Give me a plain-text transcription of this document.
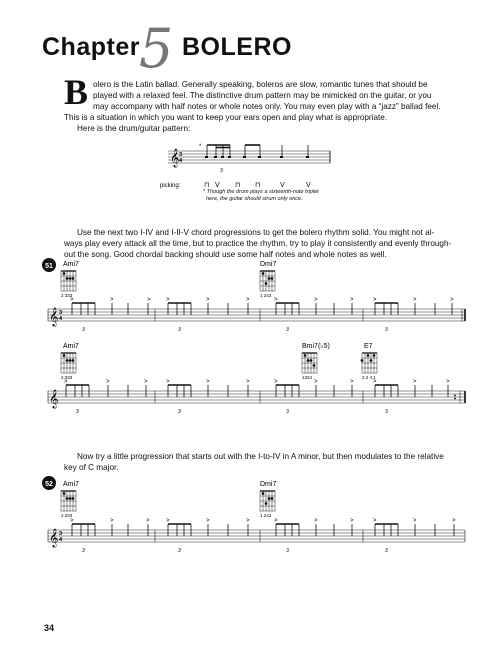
Chapter 5 BOLERO
B olero is the Latin ballad. Generally speaking, boleros are slow, romantic tunes that should be
played with a relaxed feel. The distinctive drum pattern may be mimicked on the guitar, or you
may accompany with half notes or whole notes only. You may even play with a “jazz” ballad feel.
This is a situation in which you want to keep your ears open and play what is appropriate.
Here is the drum/guitar pattern:
𝄞 3
4
*
3
picking:	⊓ V ⊓ ⊓	V	V
* Though the drum plays a sixteenth-note triplet
here, the guitar should strum only once.
Use the next two I-IV and I-II-V chord progressions to get the bolero rhythm solid. You might not al-
ways play every attack all the time, but to practice the rhythm, try to play it consistently and evenly through-
out the song. Good chordal backing should use some half notes and whole notes as well.
51 Ami7
2 333
Dmi7
1 243
𝄞 3
4
>	>	>	>	>	>	>	>	>	>	>	>
3	3	3	3
Ami7
2 333
Bmi7(♭5)
1324
E7
3 2 4 1
𝄞
>	>	>	>	>	>	>	>	>	>	>	>
3	3	3	3
Now try a little progression that starts out with the I-to-IV in A minor, but then modulates to the relative
key of C major.
52 Ami7
2 333
Dmi7
1 243
𝄞 3
4
>	>	>	>	>	>	>	>	>	>	>	>
3	3	3	3
34
